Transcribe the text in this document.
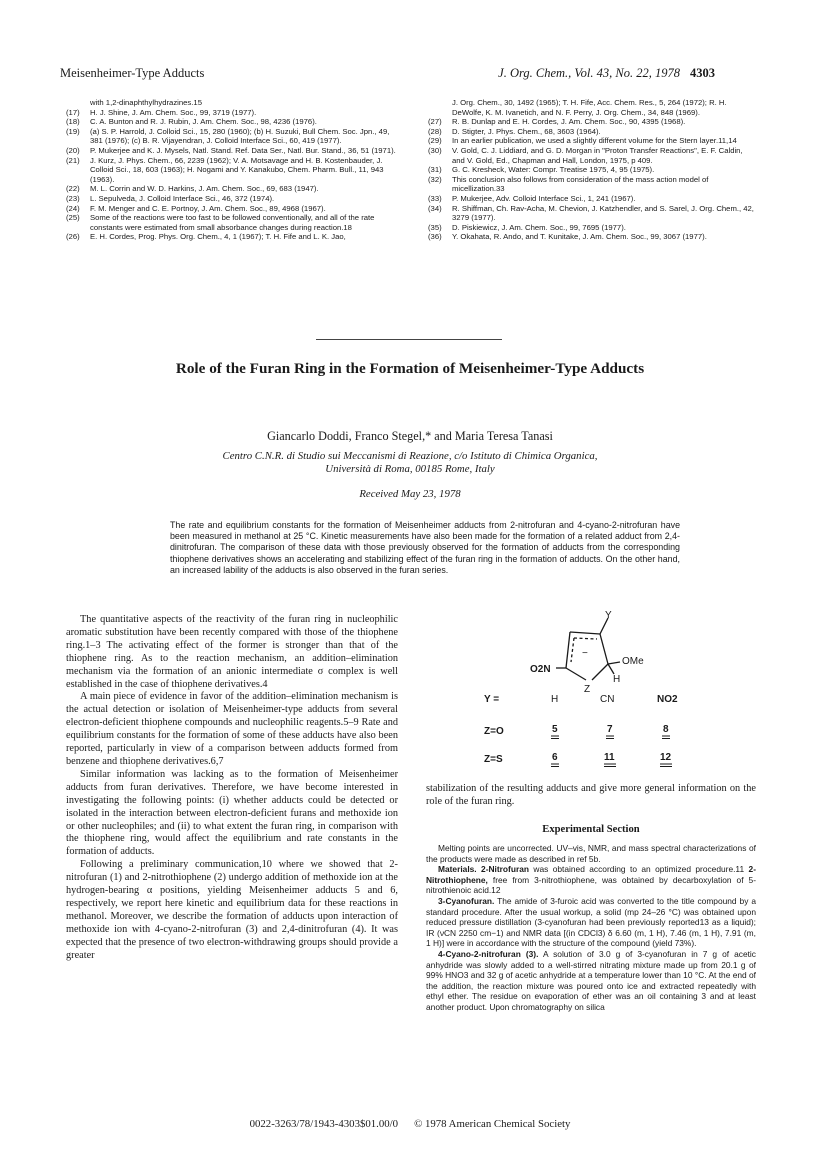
Meisenheimer-Type Adducts	J. Org. Chem., Vol. 43, No. 22, 1978 4303
with 1,2-dinaphthylhydrazines.15
(17)	H. J. Shine, J. Am. Chem. Soc., 99, 3719 (1977).
(18)	C. A. Bunton and R. J. Rubin, J. Am. Chem. Soc., 98, 4236 (1976).
(19)	(a) S. P. Harrold, J. Colloid Sci., 15, 280 (1960); (b) H. Suzuki, Bull Chem. Soc. Jpn., 49, 381 (1976); (c) B. R. Vijayendran, J. Colloid Interface Sci., 60, 419 (1977).
(20)	P. Mukerjee and K. J. Mysels, Natl. Stand. Ref. Data Ser., Natl. Bur. Stand., 36, 51 (1971).
(21)	J. Kurz, J. Phys. Chem., 66, 2239 (1962); V. A. Motsavage and H. B. Kostenbauder, J. Colloid Sci., 18, 603 (1963); H. Nogami and Y. Kanakubo, Chem. Pharm. Bull., 11, 943 (1963).
(22)	M. L. Corrin and W. D. Harkins, J. Am. Chem. Soc., 69, 683 (1947).
(23)	L. Sepulveda, J. Colloid Interface Sci., 46, 372 (1974).
(24)	F. M. Menger and C. E. Portnoy, J. Am. Chem. Soc., 89, 4968 (1967).
(25)	Some of the reactions were too fast to be followed conventionally, and all of the rate constants were estimated from small absorbance changes during reaction.18
(26)	E. H. Cordes, Prog. Phys. Org. Chem., 4, 1 (1967); T. H. Fife and L. K. Jao,
J. Org. Chem., 30, 1492 (1965); T. H. Fife, Acc. Chem. Res., 5, 264 (1972); R. H. DeWolfe, K. M. Ivanetich, and N. F. Perry, J. Org. Chem., 34, 848 (1969).
(27)	R. B. Dunlap and E. H. Cordes, J. Am. Chem. Soc., 90, 4395 (1968).
(28)	D. Stigter, J. Phys. Chem., 68, 3603 (1964).
(29)	In an earlier publication, we used a slightly different volume for the Stern layer.11,14
(30)	V. Gold, C. J. Liddiard, and G. D. Morgan in "Proton Transfer Reactions", E. F. Caldin, and V. Gold, Ed., Chapman and Hall, London, 1975, p 409.
(31)	G. C. Kresheck, Water: Compr. Treatise 1975, 4, 95 (1975).
(32)	This conclusion also follows from consideration of the mass action model of micellization.33
(33)	P. Mukerjee, Adv. Colloid Interface Sci., 1, 241 (1967).
(34)	R. Shiffman, Ch. Rav-Acha, M. Chevion, J. Katzhendler, and S. Sarel, J. Org. Chem., 42, 3279 (1977).
(35)	D. Piskiewicz, J. Am. Chem. Soc., 99, 7695 (1977).
(36)	Y. Okahata, R. Ando, and T. Kunitake, J. Am. Chem. Soc., 99, 3067 (1977).
Role of the Furan Ring in the Formation of Meisenheimer-Type Adducts
Giancarlo Doddi, Franco Stegel,* and Maria Teresa Tanasi
Centro C.N.R. di Studio sui Meccanismi di Reazione, c/o Istituto di Chimica Organica,
Università di Roma, 00185 Rome, Italy
Received May 23, 1978
The rate and equilibrium constants for the formation of Meisenheimer adducts from 2-nitrofuran and 4-cyano-2-nitrofuran have been measured in methanol at 25 °C. Kinetic measurements have also been made for the formation of a related adduct from 2,4-dinitrofuran. The comparison of these data with those previously observed for the formation of adducts from the corresponding thiophene derivatives shows an accelerating and stabilizing effect of the furan ring in the formation of adducts. On the other hand, an increased lability of the adducts is also observed in the furan series.

The quantitative aspects of the reactivity of the furan ring in nucleophilic aromatic substitution have been recently compared with those of the thiophene ring.1–3 The activating effect of the former is stronger than that of the thiophene ring. As to the reaction mechanism, an addition–elimination mechanism via the formation of an anionic intermediate σ complex is well established in the case of thiophene derivatives.4

A main piece of evidence in favor of the addition–elimination mechanism is the actual detection or isolation of Meisenheimer-type adducts from several electron-deficient thiophene compounds and nucleophilic reagents.5–9 Rate and equilibrium constants for the formation of some of these adducts have also been reported, particularly in view of a comparison between adducts formed from benzene and thiophene derivatives.6,7

Similar information was lacking as to the formation of Meisenheimer adducts from furan derivatives. Therefore, we have become interested in investigating the following points: (i) whether adducts could be detected or isolated in the interaction between electron-deficient furans and methoxide ion or other nucleophiles; and (ii) to what extent the furan ring, in comparison with the thiophene ring, would affect the equilibrium and rate constants in the formation of adducts.

Following a preliminary communication,10 where we showed that 2-nitrofuran (1) and 2-nitrothiophene (2) undergo addition of methoxide ion at the hydrogen-bearing α positions, yielding Meisenheimer adducts 5 and 6, respectively, we report here kinetic and equilibrium data for these reactions in methanol. Moreover, we describe the formation of adducts upon interaction of methoxide ion with 4-cyano-2-nitrofuran (3) and 2,4-dinitrofuran (4). It was expected that the presence of two electron-withdrawing groups should provide a greater

Y
−
O2N
OMe
H
Z
Y =	H	CN	NO2
Z=O	5	7	8
Z=S	6	11	12

stabilization of the resulting adducts and give more general information on the role of the furan ring.

Experimental Section

Melting points are uncorrected. UV–vis, NMR, and mass spectral characterizations of the products were made as described in ref 5b.

Materials. 2-Nitrofuran was obtained according to an optimized procedure.11 2-Nitrothiophene, free from 3-nitrothiophene, was obtained by decarboxylation of 5-nitrothienoic acid.12

3-Cyanofuran. The amide of 3-furoic acid was converted to the title compound by a standard procedure. After the usual workup, a solid (mp 24–26 °C) was obtained upon reduced pressure distillation (3-cyanofuran had been previously reported13 as a liquid); IR (νCN 2250 cm−1) and NMR data [(in CDCl3) δ 6.60 (m, 1 H), 7.46 (m, 1 H), 7.91 (m, 1 H)] were in accordance with the structure of the compound (yield 73%).

4-Cyano-2-nitrofuran (3). A solution of 3.0 g of 3-cyanofuran in 7 g of acetic anhydride was slowly added to a well-stirred nitrating mixture made up from 20.1 g of 99% HNO3 and 32 g of acetic anhydride at a temperature lower than 10 °C. At the end of the addition, the reaction mixture was poured onto ice and extracted repeatedly with ethyl ether. The residue on evaporation of ether was an oil containing 3 and at least another product. Upon chromatography on silica

0022-3263/78/1943-4303$01.00/0 © 1978 American Chemical Society
